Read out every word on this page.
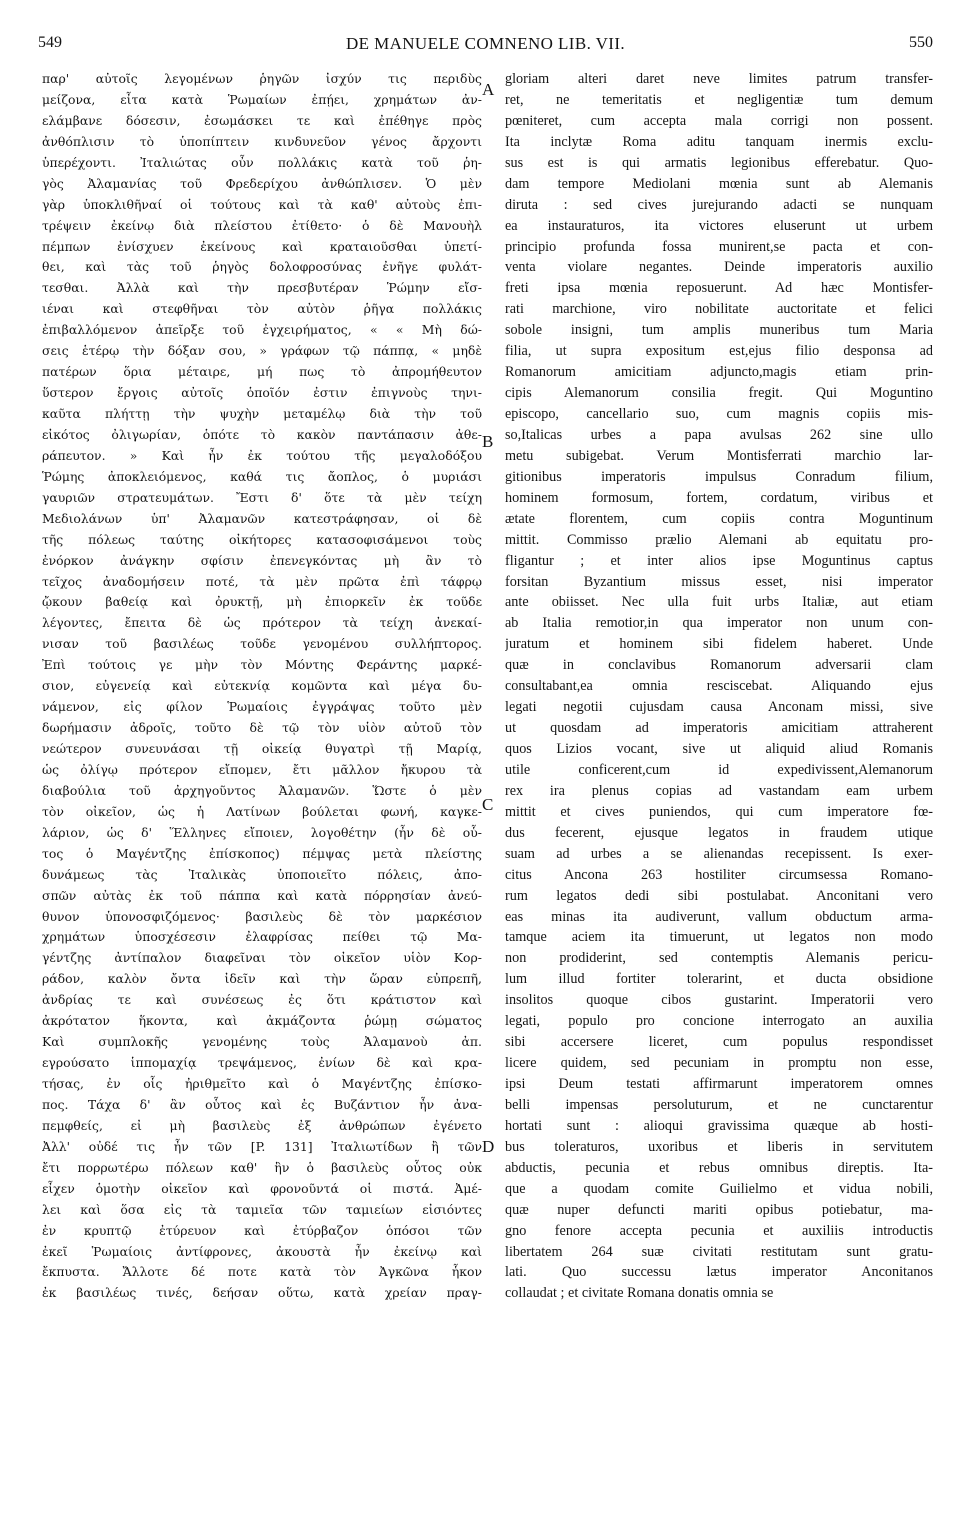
549	DE MANUELE COMNENO LIB. VII.	550
παρ' αὐτοῖς λεγομένων ῥηγῶν ἰσχύν τις περιδὺς
μείζονα, εἶτα κατὰ Ῥωμαίων ἐπῄει, χρημάτων ἀν-
ελάμβανε δόσεσιν, ἐσωμάσκει τε καὶ ἐπέθηγε πρὸς
ἀνθόπλισιν τὸ ὑποπίπτειν κινδυνεῦον γένος ἄρχοντι
ὑπερέχοντι. Ἰταλιώτας οὖν πολλάκις κατὰ τοῦ ῥη-
γὸς Ἀλαμανίας τοῦ Φρεδερίχου ἀνθώπλισεν. Ὁ μὲν
γὰρ ὑποκλιθῆναί οἱ τούτους καὶ τὰ καθ' αὐτοὺς ἐπι-
τρέψειν ἐκείνῳ διὰ πλείστου ἐτίθετο· ὁ δὲ Μανουὴλ
πέμπων ἐνίσχυεν ἐκείνους καὶ κραταιοῦσθαι ὑπετί-
θει, καὶ τὰς τοῦ ῥηγὸς δολοφροσύνας ἐνῆγε φυλάτ-
τεσθαι. Ἀλλὰ καὶ τὴν πρεσβυτέραν Ῥώμην εἴσ-
ιέναι καὶ στεφθῆναι τὸν αὐτὸν ῥῆγα πολλάκις
ἐπιβαλλόμενον ἀπεῖρξε τοῦ ἐγχειρήματος, « « Μὴ δώ-
σεις ἑτέρῳ τὴν δόξαν σου, » γράφων τῷ πάππᾳ, « μηδὲ
πατέρων ὅρια μέταιρε, μή πως τὸ ἀπρομήθευτον
ὕστερον ἔργοις αὐτοῖς ὁποῖόν ἐστιν ἐπιγνοὺς τηνι-
καῦτα πλήττῃ τὴν ψυχὴν μεταμέλῳ διὰ τὴν τοῦ
εἰκότος ὀλιγωρίαν, ὁπότε τὸ κακὸν παντάπασιν ἀθε-
ράπευτον. » Καὶ ἦν ἐκ τούτου τῆς μεγαλοδόξου
Ῥώμης ἀποκλειόμενος, καθά τις ἄοπλος, ὁ μυριάσι
γαυριῶν στρατευμάτων. Ἔστι δ' ὅτε τὰ μὲν τείχη
Μεδιολάνων ὑπ' Ἀλαμανῶν κατεστράφησαν, οἱ δὲ
τῆς πόλεως ταύτης οἰκήτορες κατασοφισάμενοι τοὺς
ἐνόρκον ἀνάγκην σφίσιν ἐπενεγκόντας μὴ ἂν τὸ
τεῖχος ἀναδομήσειν ποτέ, τὰ μὲν πρῶτα ἐπὶ τάφρῳ
ᾤκουν βαθείᾳ καὶ ὀρυκτῇ, μὴ ἐπιορκεῖν ἐκ τοῦδε
λέγοντες, ἔπειτα δὲ ὡς πρότερον τὰ τείχη ἀνεκαί-
νισαν τοῦ βασιλέως τοῦδε γενομένου συλλήπτορος.
Ἐπὶ τούτοις γε μὴν τὸν Μόντης Φεράντης μαρκέ-
σιον, εὐγενείᾳ καὶ εὐτεκνίᾳ κομῶντα καὶ μέγα δυ-
νάμενον, εἰς φίλον Ῥωμαίοις ἐγγράψας τοῦτο μὲν
δωρήμασιν ἀδροῖς, τοῦτο δὲ τῷ τὸν υἱὸν αὐτοῦ τὸν
νεώτερον συνευνάσαι τῇ οἰκείᾳ θυγατρὶ τῇ Μαρίᾳ,
ὡς ὀλίγῳ πρότερον εἴπομεν, ἔτι μᾶλλον ἤκυρου τὰ
διαβούλια τοῦ ἀρχηγοῦντος Ἀλαμανῶν. Ὥστε ὁ μὲν
τὸν οἰκεῖον, ὡς ἡ Λατίνων βούλεται φωνή, καγκε-
λάριον, ὡς δ' Ἕλληνες εἴποιεν, λογοθέτην (ἦν δὲ οὗ-
τος ὁ Μαγέντζης ἐπίσκοπος) πέμψας μετὰ πλείστης
δυνάμεως τὰς Ἰταλικὰς ὑποποιεῖτο πόλεις, ἀπο-
σπῶν αὐτὰς ἐκ τοῦ πάππα καὶ κατὰ πόρρησίαν ἀνεύ-
θυνον ὑπονοσφιζόμενος· βασιλεὺς δὲ τὸν μαρκέσιον
χρημάτων ὑποσχέσεσιν ἐλαφρίσας πείθει τῷ Μα-
γέντζης ἀντίπαλον διαφεῖναι τὸν οἰκεῖον υἱὸν Κορ-
ράδον, καλὸν ὄντα ἰδεῖν καὶ τὴν ὥραν εὐπρεπῆ,
ἀνδρίας τε καὶ συνέσεως ἐς ὅτι κράτιστον καὶ
ἀκρότατον ἥκοντα, καὶ ἀκμάζοντα ῥώμῃ σώματος
Καὶ συμπλοκῆς γενομένης τοὺς Ἀλαμανοὺ ἀπ.
εγρούσατο ἱππομαχίᾳ τρεψάμενος, ἐνίων δὲ καὶ κρα-
τήσας, ἐν οἷς ἠριθμεῖτο καὶ ὁ Μαγέντζης ἐπίσκο-
πος. Τάχα δ' ἂν οὗτος καὶ ἐς Βυζάντιον ἦν ἀνα-
πεμφθείς, εἰ μὴ βασιλεὺς ἐξ ἀνθρώπων ἐγένετο
Ἀλλ' οὐδέ τις ἦν τῶν [P. 131] Ἰταλιωτίδων ἢ τῶν
ἔτι πορρωτέρω πόλεων καθ' ἣν ὁ βασιλεὺς οὗτος οὐκ
εἶχεν ὁμοτὴν οἰκεῖον καὶ φρονοῦντά οἱ πιστά. Ἀμέ-
λει καὶ ὅσα εἰς τὰ ταμιεῖα τῶν ταμιείων εἰσιόντες
ἐν κρυπτῷ ἐτύρευον καὶ ἐτύρβαζον ὁπόσοι τῶν
ἐκεῖ Ῥωμαίοις ἀντίφρονες, ἀκουστὰ ἦν ἐκείνῳ καὶ
ἔκπυστα. Ἄλλοτε δέ ποτε κατὰ τὸν Ἀγκῶνα ἧκον
ἐκ βασιλέως τινές, δεήσαν οὕτω, κατὰ χρείαν πραγ-
A
B
C
D
gloriam alteri daret neve limites patrum transfer-
ret, ne temeritatis et negligentiæ tum demum
pœniteret, cum accepta mala corrigi non possent.
Ita inclytæ Roma aditu tanquam inermis exclu-
sus est is qui armatis legionibus efferebatur. Quo-
dam tempore Mediolani mœnia sunt ab Alemanis
diruta : sed cives jurejurando adacti se nunquam
ea instauraturos, ita victores eluserunt ut urbem
principio profunda fossa munirent,se pacta et con-
venta violare negantes. Deinde imperatoris auxilio
freti ipsa mœnia reposuerunt. Ad hæc Montisfer-
rati marchione, viro nobilitate auctoritate et felici
sobole insigni, tum amplis muneribus tum Maria
filia, ut supra expositum est,ejus filio desponsa ad
Romanorum amicitiam adjuncto,magis etiam prin-
cipis Alemanorum consilia fregit. Qui Moguntino
episcopo, cancellario suo, cum magnis copiis mis-
so,Italicas urbes a papa avulsas 262 sine ullo
metu subigebat. Verum Montisferrati marchio lar-
gitionibus imperatoris impulsus Conradum filium,
hominem formosum, fortem, cordatum, viribus et
ætate florentem, cum copiis contra Moguntinum
mittit. Commisso prælio Alemani ab equitatu pro-
fligantur ; et inter alios ipse Moguntinus captus
forsitan Byzantium missus esset, nisi imperator
ante obiisset. Nec ulla fuit urbs Italiæ, aut etiam
ab Italia remotior,in qua imperator non unum con-
juratum et hominem sibi fidelem haberet. Unde
quæ in conclavibus Romanorum adversarii clam
consultabant,ea omnia resciscebat. Aliquando ejus
legati negotii cujusdam causa Anconam missi, sive
ut quosdam ad imperatoris amicitiam attraherent
quos Lizios vocant, sive ut aliquid aliud Romanis
utile conficerent,cum id expedivissent,Alemanorum
rex ira plenus copias ad vastandam eam urbem
mittit et cives puniendos, qui cum imperatore fœ-
dus fecerent, ejusque legatos in fraudem utique
suam ad urbes a se alienandas recepissent. Is exer-
citus Ancona 263 hostiliter circumsessa Romano-
rum legatos dedi sibi postulabat. Anconitani vero
eas minas ita audiverunt, vallum obductum arma-
tamque aciem ita timuerunt, ut legatos non modo
non prodiderint, sed contemptis Alemanis pericu-
lum illud fortiter tolerarint, et ducta obsidione
insolitos quoque cibos gustarint. Imperatorii vero
legati, populo pro concione interrogato an auxilia
sibi accersere liceret, cum populus respondisset
licere quidem, sed pecuniam in promptu non esse,
ipsi Deum testati affirmarunt imperatorem omnes
belli impensas persoluturum, et ne cunctarentur
hortati sunt : alioqui gravissima quæque ab hosti-
bus toleraturos, uxoribus et liberis in servitutem
abductis, pecunia et rebus omnibus direptis. Ita-
que a quodam comite Guilielmo et vidua nobili,
quæ nuper defuncti mariti opibus potiebatur, ma-
gno fenore accepta pecunia et auxiliis introductis
libertatem 264 suæ civitati restitutam sunt gratu-
lati. Quo successu lætus imperator Anconitanos
collaudat ; et civitate Romana donatis omnia se
